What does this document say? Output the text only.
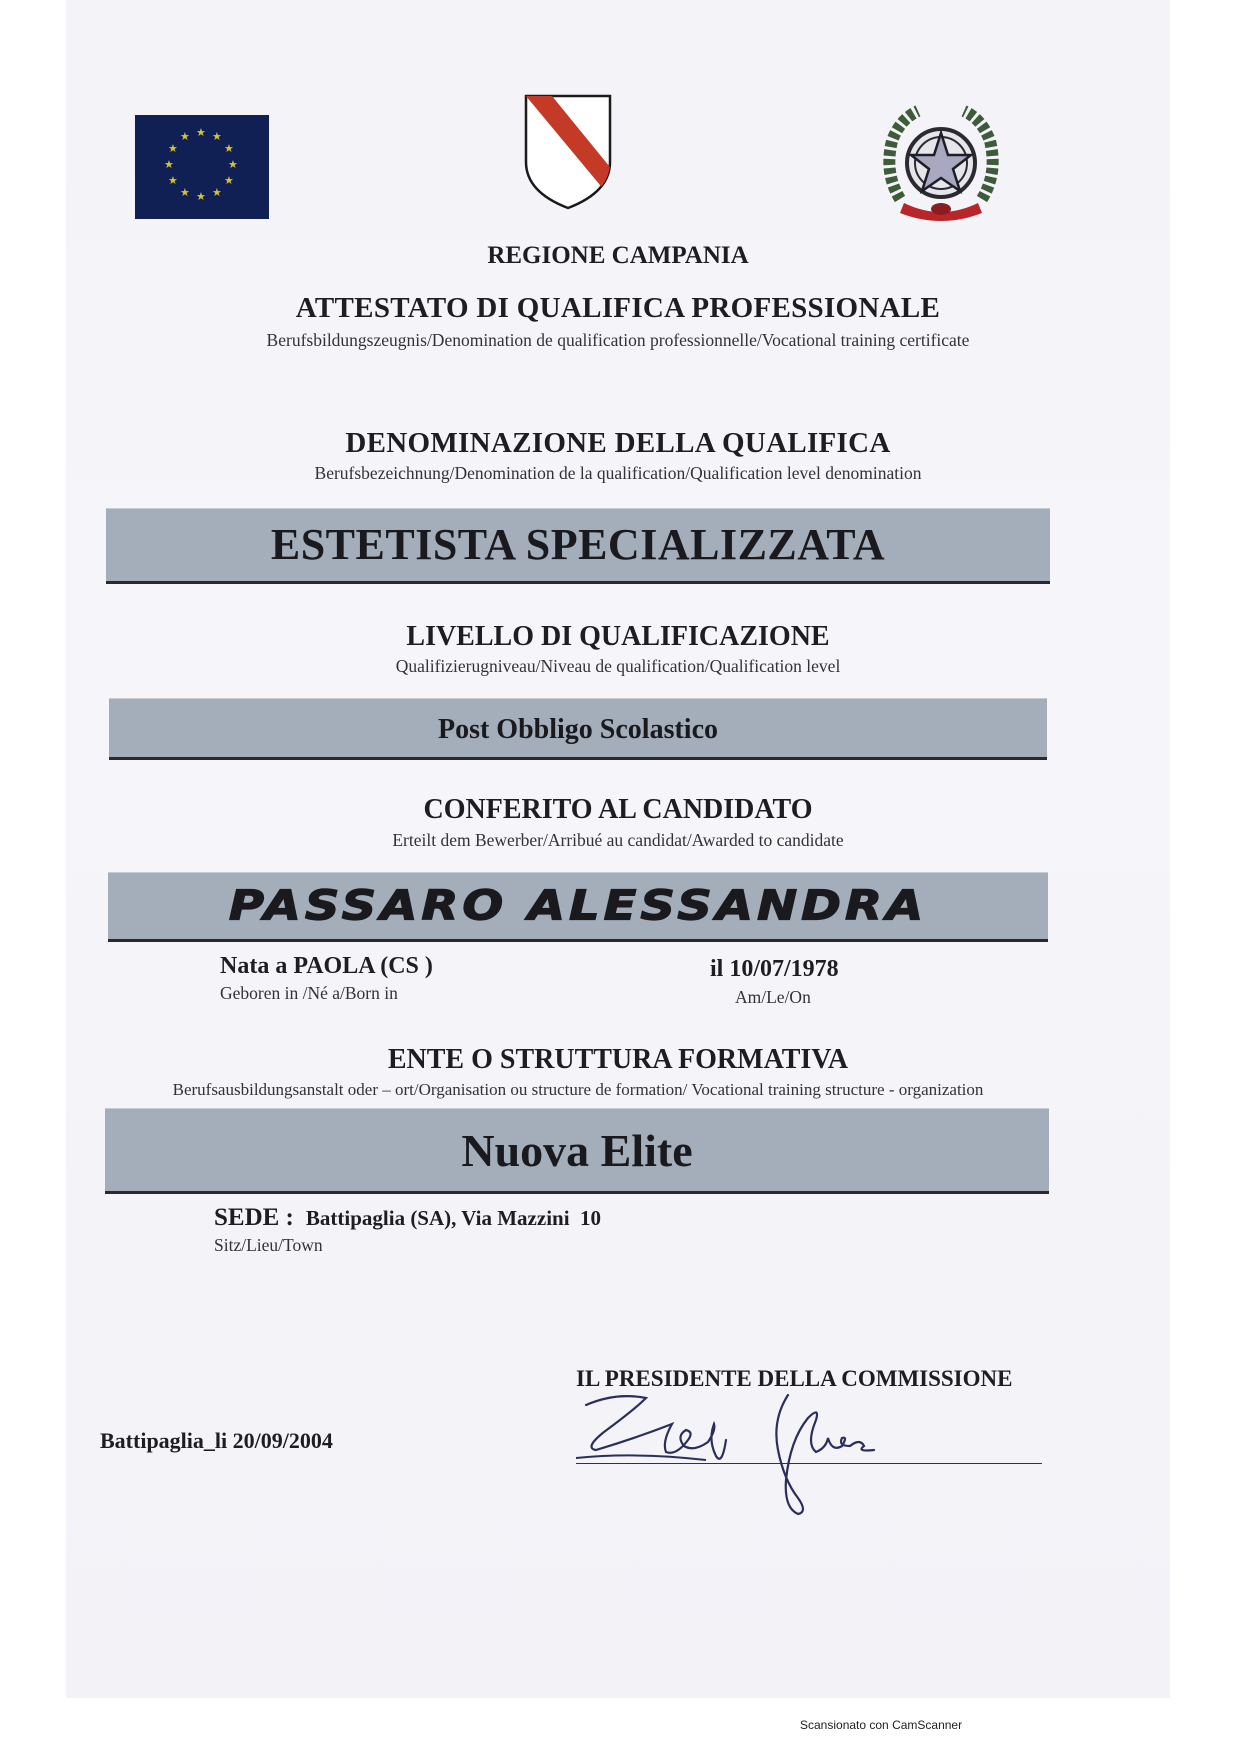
★ ★
★
★
★
★
★
★
★
★
★
★
REGIONE CAMPANIA
ATTESTATO DI QUALIFICA PROFESSIONALE
Berufsbildungszeugnis/Denomination de qualification professionnelle/Vocational training certificate
DENOMINAZIONE DELLA QUALIFICA
Berufsbezeichnung/Denomination de la qualification/Qualification level denomination
ESTETISTA SPECIALIZZATA
LIVELLO DI QUALIFICAZIONE
Qualifizierugniveau/Niveau de qualification/Qualification level
Post Obbligo Scolastico
CONFERITO AL CANDIDATO
Erteilt dem Bewerber/Arribué au candidat/Awarded to candidate
PASSARO ALESSANDRA
Nata a PAOLA (CS )
Geboren in /Né a/Born in
il 10/07/1978
Am/Le/On
ENTE O STRUTTURA FORMATIVA
Berufsausbildungsanstalt oder – ort/Organisation ou structure de formation/ Vocational training structure - organization
Nuova Elite
SEDE : Battipaglia (SA), Via Mazzini  10
Sitz/Lieu/Town
IL PRESIDENTE DELLA COMMISSIONE
Battipaglia_li 20/09/2004
Scansionato con CamScanner
